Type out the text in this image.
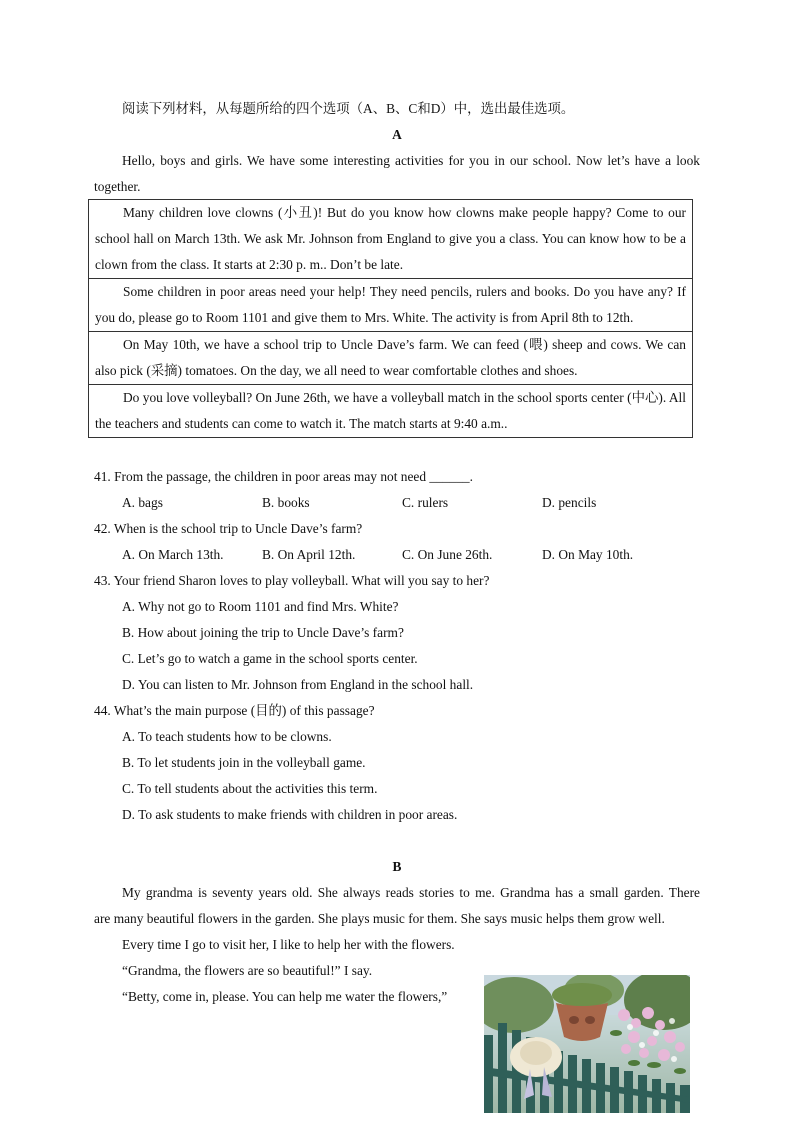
阅读下列材料，从每题所给的四个选项（A、B、C和D）中，选出最佳选项。
A
Hello, boys and girls. We have some interesting activities for you in our school. Now let’s have a look
together.

Many children love clowns (小丑)! But do you know how clowns make people happy? Come to our school hall on March 13th. We ask Mr. Johnson from England to give you a class. You can know how to be a clown from the class. It starts at 2:30 p. m.. Don’t be late.

Some children in poor areas need your help! They need pencils, rulers and books. Do you have any? If you do, please go to Room 1101 and give them to Mrs. White. The activity is from April 8th to 12th.

On May 10th, we have a school trip to Uncle Dave’s farm. We can feed (喂) sheep and cows. We can also pick (采摘) tomatoes. On the day, we all need to wear comfortable clothes and shoes.

Do you love volleyball? On June 26th, we have a volleyball match in the school sports center (中心). All the teachers and students can come to watch it. The match starts at 9:40 a.m..

41. From the passage, the children in poor areas may not need ______.
A. bags	B. books	C. rulers	D. pencils
42. When is the school trip to Uncle Dave’s farm?
A. On March 13th.	B. On April 12th.	C. On June 26th.	D. On May 10th.
43. Your friend Sharon loves to play volleyball. What will you say to her?
A. Why not go to Room 1101 and find Mrs. White?
B. How about joining the trip to Uncle Dave’s farm?
C. Let’s go to watch a game in the school sports center.
D. You can listen to Mr. Johnson from England in the school hall.
44. What’s the main purpose (目的) of this passage?
A. To teach students how to be clowns.
B. To let students join in the volleyball game.
C. To tell students about the activities this term.
D. To ask students to make friends with children in poor areas.
B
My grandma is seventy years old. She always reads stories to me. Grandma has a small garden. There
are many beautiful flowers in the garden. She plays music for them. She says music helps them grow well.
Every time I go to visit her, I like to help her with the flowers.
“Grandma, the flowers are so beautiful!” I say.
“Betty, come in, please. You can help me water the flowers,”
